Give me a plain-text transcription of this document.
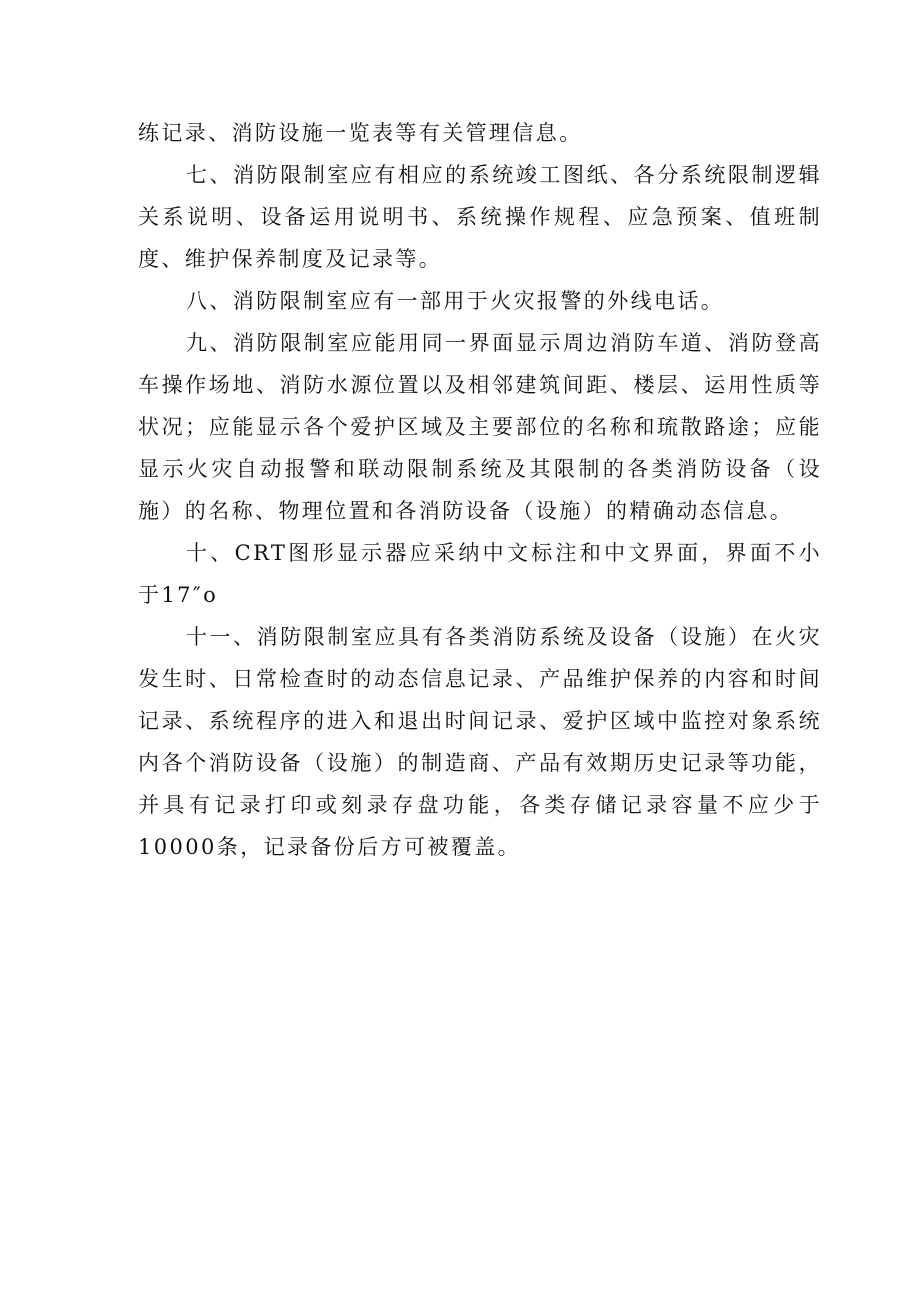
练记录、消防设施一览表等有关管理信息。

七、消防限制室应有相应的系统竣工图纸、各分系统限制逻辑关系说明、设备运用说明书、系统操作规程、应急预案、值班制度、维护保养制度及记录等。

八、消防限制室应有一部用于火灾报警的外线电话。

九、消防限制室应能用同一界面显示周边消防车道、消防登高车操作场地、消防水源位置以及相邻建筑间距、楼层、运用性质等状况；应能显示各个爱护区域及主要部位的名称和琉散路途；应能显示火灾自动报警和联动限制系统及其限制的各类消防设备（设施）的名称、物理位置和各消防设备（设施）的精确动态信息。

十、CRT图形显示器应采纳中文标注和中文界面，界面不小于17″o

十一、消防限制室应具有各类消防系统及设备（设施）在火灾发生时、日常检查时的动态信息记录、产品维护保养的内容和时间记录、系统程序的进入和退出时间记录、爱护区域中监控对象系统内各个消防设备（设施）的制造商、产品有效期历史记录等功能，并具有记录打印或刻录存盘功能，各类存储记录容量不应少于10000条，记录备份后方可被覆盖。
